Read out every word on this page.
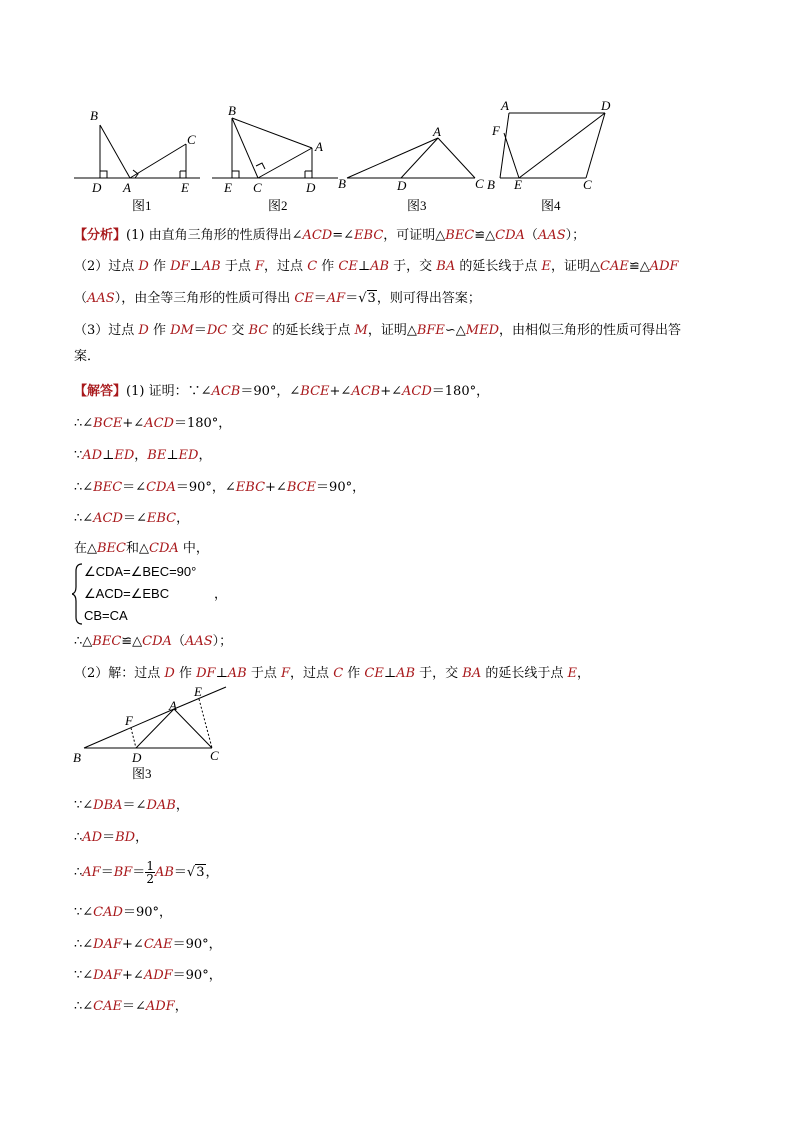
B
C
D A	E
图1
B
A
E C	D
图2
A
B	D	C
图3
A	D
F
B E	C
图4
【分析】(1) 由直角三角形的性质得出∠ACD=∠EBC，可证明△BEC≌△CDA（AAS）；
（2）过点 D 作 DF⊥AB 于点 F，过点 C 作 CE⊥AB 于，交 BA 的延长线于点 E，证明△CAE≌△ADF
（AAS），由全等三角形的性质可得出 CE＝AF＝√3，则可得出答案；
（3）过点 D 作 DM＝DC 交 BC 的延长线于点 M，证明△BFE∽△MED，由相似三角形的性质可得出答
案．
【解答】(1) 证明：∵∠ACB＝90°，∠BCE+∠ACB+∠ACD＝180°，
∴∠BCE+∠ACD＝180°，
∵AD⊥ED，BE⊥ED，
∴∠BEC＝∠CDA＝90°，∠EBC+∠BCE＝90°，
∴∠ACD＝∠EBC，
在△BEC和△CDA 中，
∠CDA=∠BEC=90°
∠ACD=∠EBC
CB=CA
，
∴△BEC≌△CDA（AAS）；
（2）解：过点 D 作 DF⊥AB 于点 F，过点 C 作 CE⊥AB 于，交 BA 的延长线于点 E，
E
A
F
B	D	C
图3
∵∠DBA＝∠DAB，
∴AD＝BD，
∴AF＝BF＝ $\frac{1}{2} AB=√3$，
∵∠CAD＝90°，
∴∠DAF+∠CAE＝90°，
∵∠DAF+∠ADF＝90°，
∴∠CAE＝∠ADF，
